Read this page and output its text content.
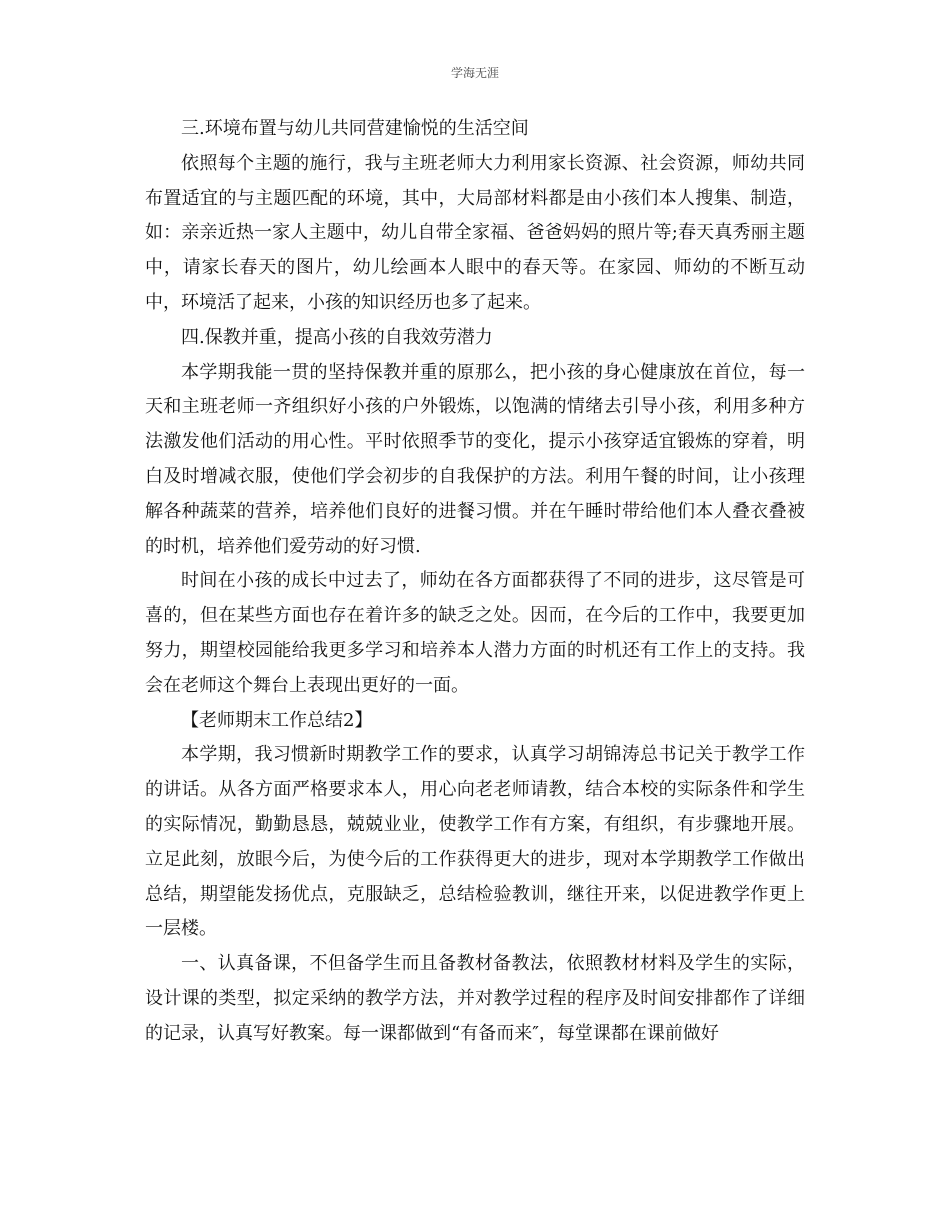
学海无涯

三.环境布置与幼儿共同营建愉悦的生活空间

依照每个主题的施行，我与主班老师大力利用家长资源、社会资源，师幼共同布置适宜的与主题匹配的环境，其中，大局部材料都是由小孩们本人搜集、制造，如：亲亲近热一家人主题中，幼儿自带全家福、爸爸妈妈的照片等;春天真秀丽主题中，请家长春天的图片，幼儿绘画本人眼中的春天等。在家园、师幼的不断互动中，环境活了起来，小孩的知识经历也多了起来。

四.保教并重，提高小孩的自我效劳潜力

本学期我能一贯的坚持保教并重的原那么，把小孩的身心健康放在首位，每一天和主班老师一齐组织好小孩的户外锻炼，以饱满的情绪去引导小孩，利用多种方法激发他们活动的用心性。平时依照季节的变化，提示小孩穿适宜锻炼的穿着，明白及时增减衣服，使他们学会初步的自我保护的方法。利用午餐的时间，让小孩理解各种蔬菜的营养，培养他们良好的进餐习惯。并在午睡时带给他们本人叠衣叠被的时机，培养他们爱劳动的好习惯.

时间在小孩的成长中过去了，师幼在各方面都获得了不同的进步，这尽管是可喜的，但在某些方面也存在着许多的缺乏之处。因而，在今后的工作中，我要更加努力，期望校园能给我更多学习和培养本人潜力方面的时机还有工作上的支持。我会在老师这个舞台上表现出更好的一面。

【老师期末工作总结2】

本学期，我习惯新时期教学工作的要求，认真学习胡锦涛总书记关于教学工作的讲话。从各方面严格要求本人，用心向老老师请教，结合本校的实际条件和学生的实际情况，勤勤恳恳，兢兢业业，使教学工作有方案，有组织，有步骤地开展。立足此刻，放眼今后，为使今后的工作获得更大的进步，现对本学期教学工作做出总结，期望能发扬优点，克服缺乏，总结检验教训，继往开来，以促进教学作更上一层楼。

一、认真备课，不但备学生而且备教材备教法，依照教材材料及学生的实际，设计课的类型，拟定采纳的教学方法，并对教学过程的程序及时间安排都作了详细的记录，认真写好教案。每一课都做到“有备而来″，每堂课都在课前做好
